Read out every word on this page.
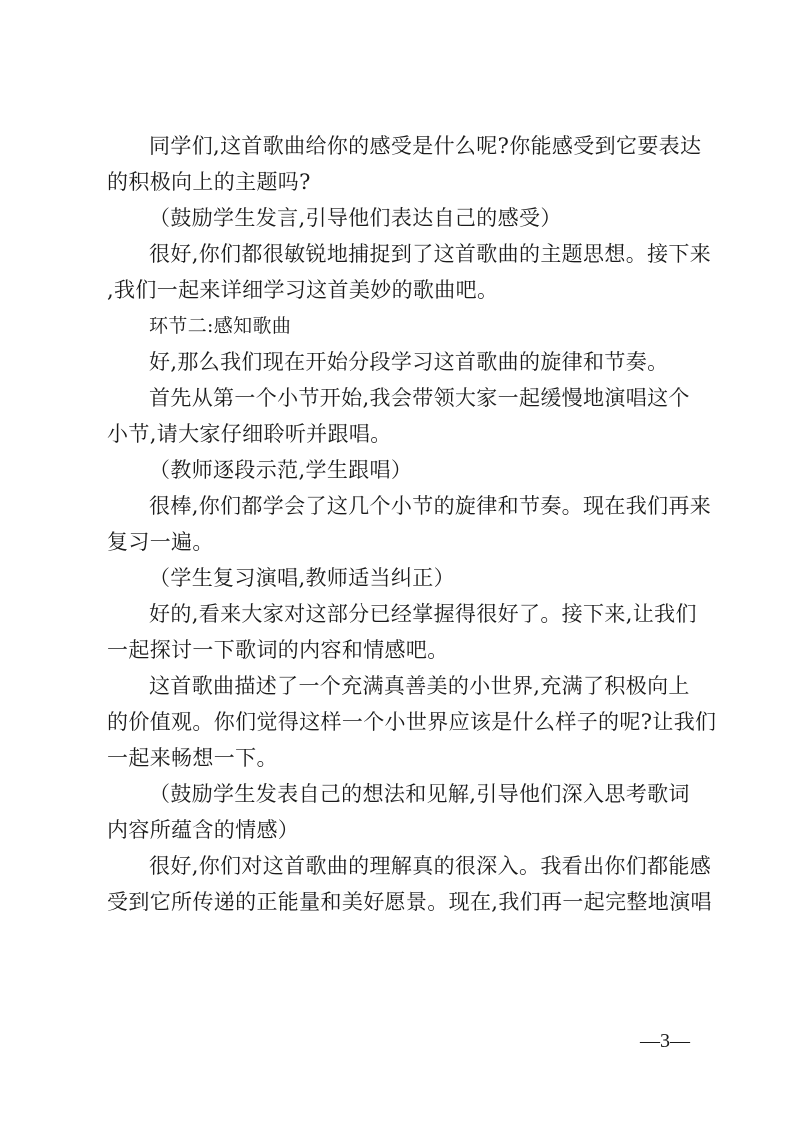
同学们,这首歌曲给你的感受是什么呢?你能感受到它要表达
的积极向上的主题吗?
（鼓励学生发言,引导他们表达自己的感受）
很好,你们都很敏锐地捕捉到了这首歌曲的主题思想。接下来
,我们一起来详细学习这首美妙的歌曲吧。
环节二:感知歌曲
好,那么我们现在开始分段学习这首歌曲的旋律和节奏。
首先从第一个小节开始,我会带领大家一起缓慢地演唱这个
小节,请大家仔细聆听并跟唱。
（教师逐段示范,学生跟唱）
很棒,你们都学会了这几个小节的旋律和节奏。现在我们再来
复习一遍。
（学生复习演唱,教师适当纠正）
好的,看来大家对这部分已经掌握得很好了。接下来,让我们
一起探讨一下歌词的内容和情感吧。
这首歌曲描述了一个充满真善美的小世界,充满了积极向上
的价值观。你们觉得这样一个小世界应该是什么样子的呢?让我们
一起来畅想一下。
（鼓励学生发表自己的想法和见解,引导他们深入思考歌词
内容所蕴含的情感）
很好,你们对这首歌曲的理解真的很深入。我看出你们都能感
受到它所传递的正能量和美好愿景。现在,我们再一起完整地演唱
—3—
